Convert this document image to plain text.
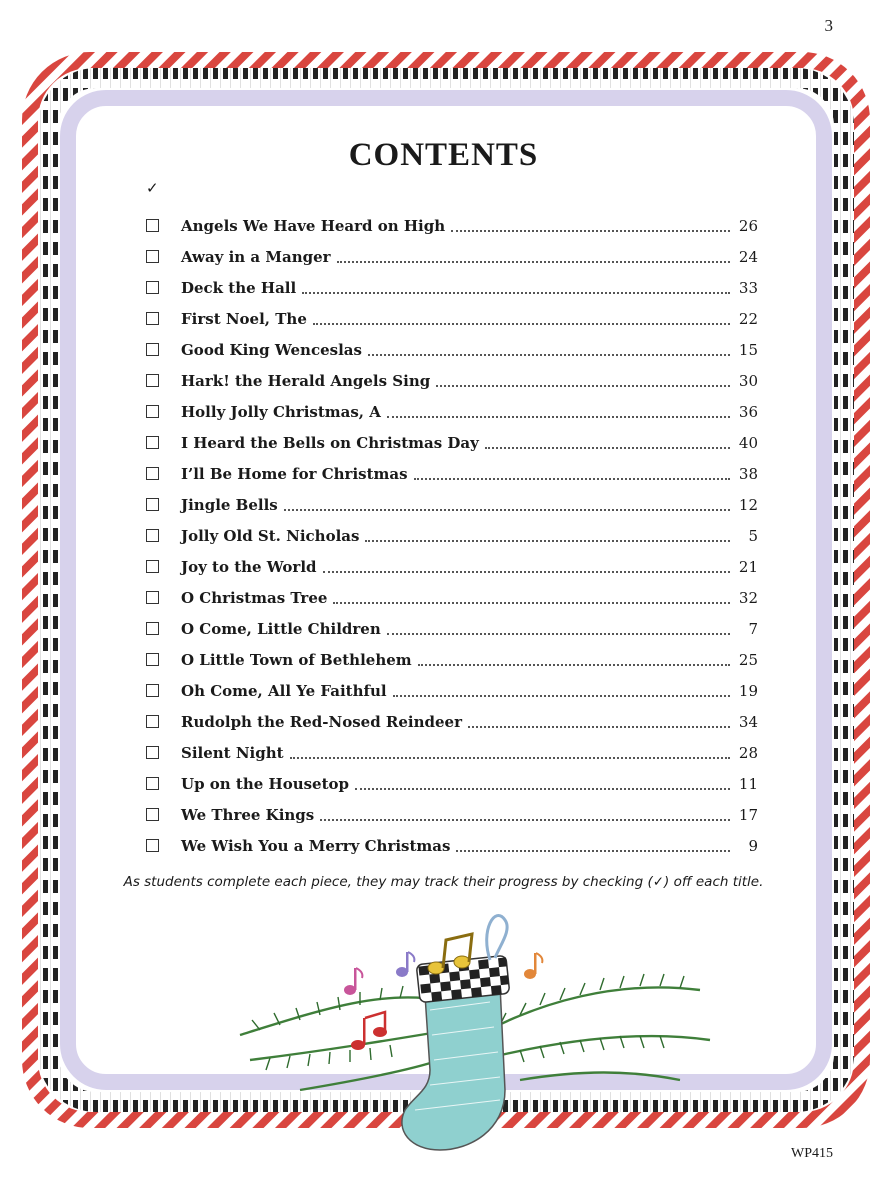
3
CONTENTS
✓
Angels We Have Heard on High	26
Away in a Manger	24
Deck the Hall	33
First Noel, The	22
Good King Wenceslas	15
Hark! the Herald Angels Sing	30
Holly Jolly Christmas, A	36
I Heard the Bells on Christmas Day	40
I’ll Be Home for Christmas	38
Jingle Bells	12
Jolly Old St. Nicholas	5
Joy to the World	21
O Christmas Tree	32
O Come, Little Children	7
O Little Town of Bethlehem	25
Oh Come, All Ye Faithful	19
Rudolph the Red-Nosed Reindeer	34
Silent Night	28
Up on the Housetop	11
We Three Kings	17
We Wish You a Merry Christmas	9
As students complete each piece, they may track their progress by checking (✓) off each title.
WP415
